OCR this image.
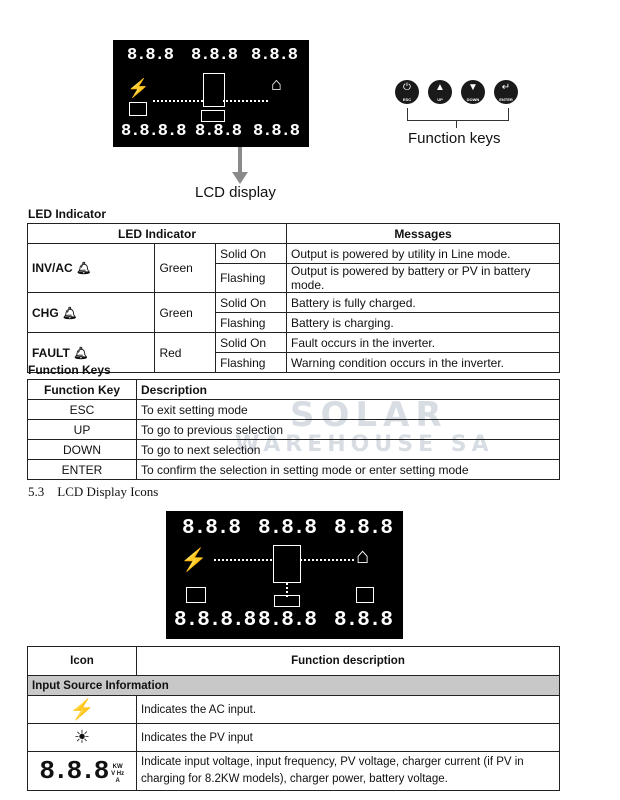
8.8.8 8.8.8 8.8.8
⚡	⌂
8.8.8.8 8.8.8 8.8.8
LCD display
⏻
ESC
▲
UP
▼
DOWN
↵
ENTER
Function keys
LED Indicator
LED Indicator			Messages
INV/AC 🔔︎	Green	Solid On	Output is powered by utility in Line mode.
		Flashing	Output is powered by battery or PV in battery mode.
CHG 🔔︎	Green	Solid On	Battery is fully charged.
		Flashing	Battery is charging.
FAULT 🔔︎	Red	Solid On	Fault occurs in the inverter.
		Flashing	Warning condition occurs in the inverter.
SOLAR
WAREHOUSE SA
Function Keys
Function Key	Description
ESC	To exit setting mode
UP	To go to previous selection
DOWN	To go to next selection
ENTER	To confirm the selection in setting mode or enter setting mode
5.3    LCD Display Icons
8.8.8 8.8.8 8.8.8
⚡	⌂
8.8.8.8 8.8.8 8.8.8
Icon	Function description
Input Source Information	
⚡	Indicates the AC input.
☀	Indicates the PV input
8.8.8 KW V Hz A	Indicate input voltage, input frequency, PV voltage, charger current (if PV in charging for 8.2KW models), charger power, battery voltage.
